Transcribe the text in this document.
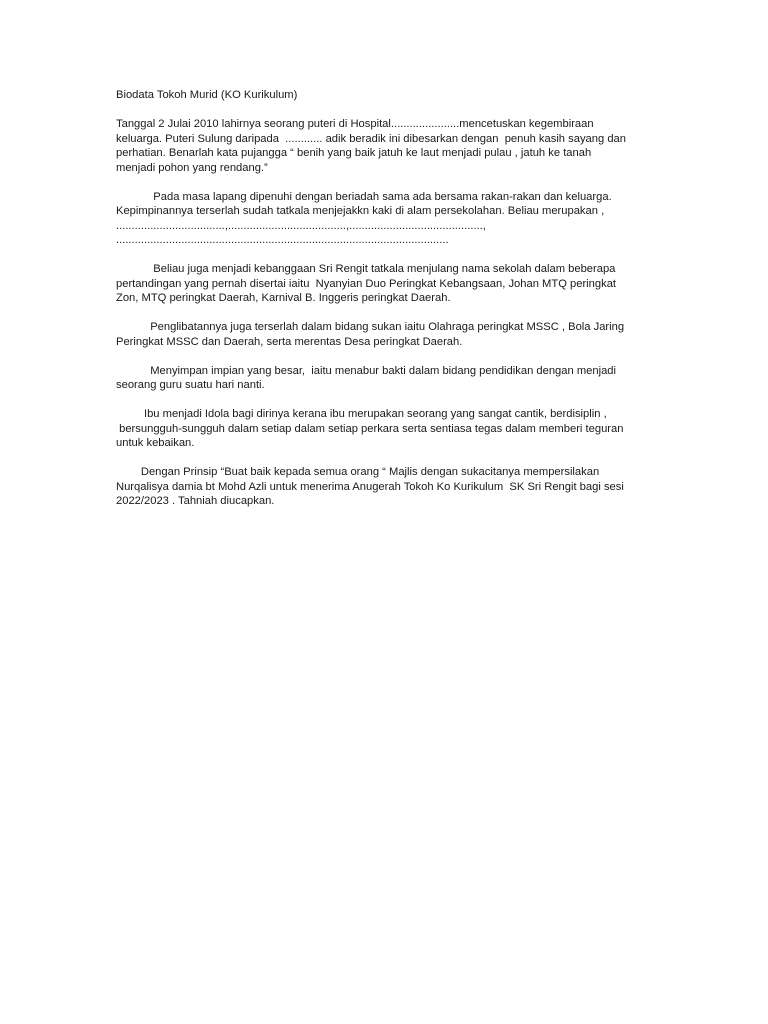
Biodata Tokoh Murid (KO Kurikulum)
Tanggal 2 Julai 2010 lahirnya seorang puteri di Hospital......................mencetuskan kegembiraan
keluarga. Puteri Sulung daripada  ............ adik beradik ini dibesarkan dengan  penuh kasih sayang dan
perhatian. Benarlah kata pujangga “ benih yang baik jatuh ke laut menjadi pulau , jatuh ke tanah
menjadi pohon yang rendang.”
Pada masa lapang dipenuhi dengan beriadah sama ada bersama rakan-rakan dan keluarga.
Kepimpinannya terserlah sudah tatkala menjejakkn kaki di alam persekolahan. Beliau merupakan ,
...................................,......................................,...........................................,
...........................................................................................................
Beliau juga menjadi kebanggaan Sri Rengit tatkala menjulang nama sekolah dalam beberapa
pertandingan yang pernah disertai iaitu  Nyanyian Duo Peringkat Kebangsaan, Johan MTQ peringkat
Zon, MTQ peringkat Daerah, Karnival B. Inggeris peringkat Daerah.
Penglibatannya juga terserlah dalam bidang sukan iaitu Olahraga peringkat MSSC , Bola Jaring
Peringkat MSSC dan Daerah, serta merentas Desa peringkat Daerah.
Menyimpan impian yang besar,  iaitu menabur bakti dalam bidang pendidikan dengan menjadi
seorang guru suatu hari nanti.
Ibu menjadi Idola bagi dirinya kerana ibu merupakan seorang yang sangat cantik, berdisiplin ,
bersungguh-sungguh dalam setiap dalam setiap perkara serta sentiasa tegas dalam memberi teguran
untuk kebaikan.
Dengan Prinsip “Buat baik kepada semua orang “ Majlis dengan sukacitanya mempersilakan
Nurqalisya damia bt Mohd Azli untuk menerima Anugerah Tokoh Ko Kurikulum  SK Sri Rengit bagi sesi
2022/2023 . Tahniah diucapkan.
